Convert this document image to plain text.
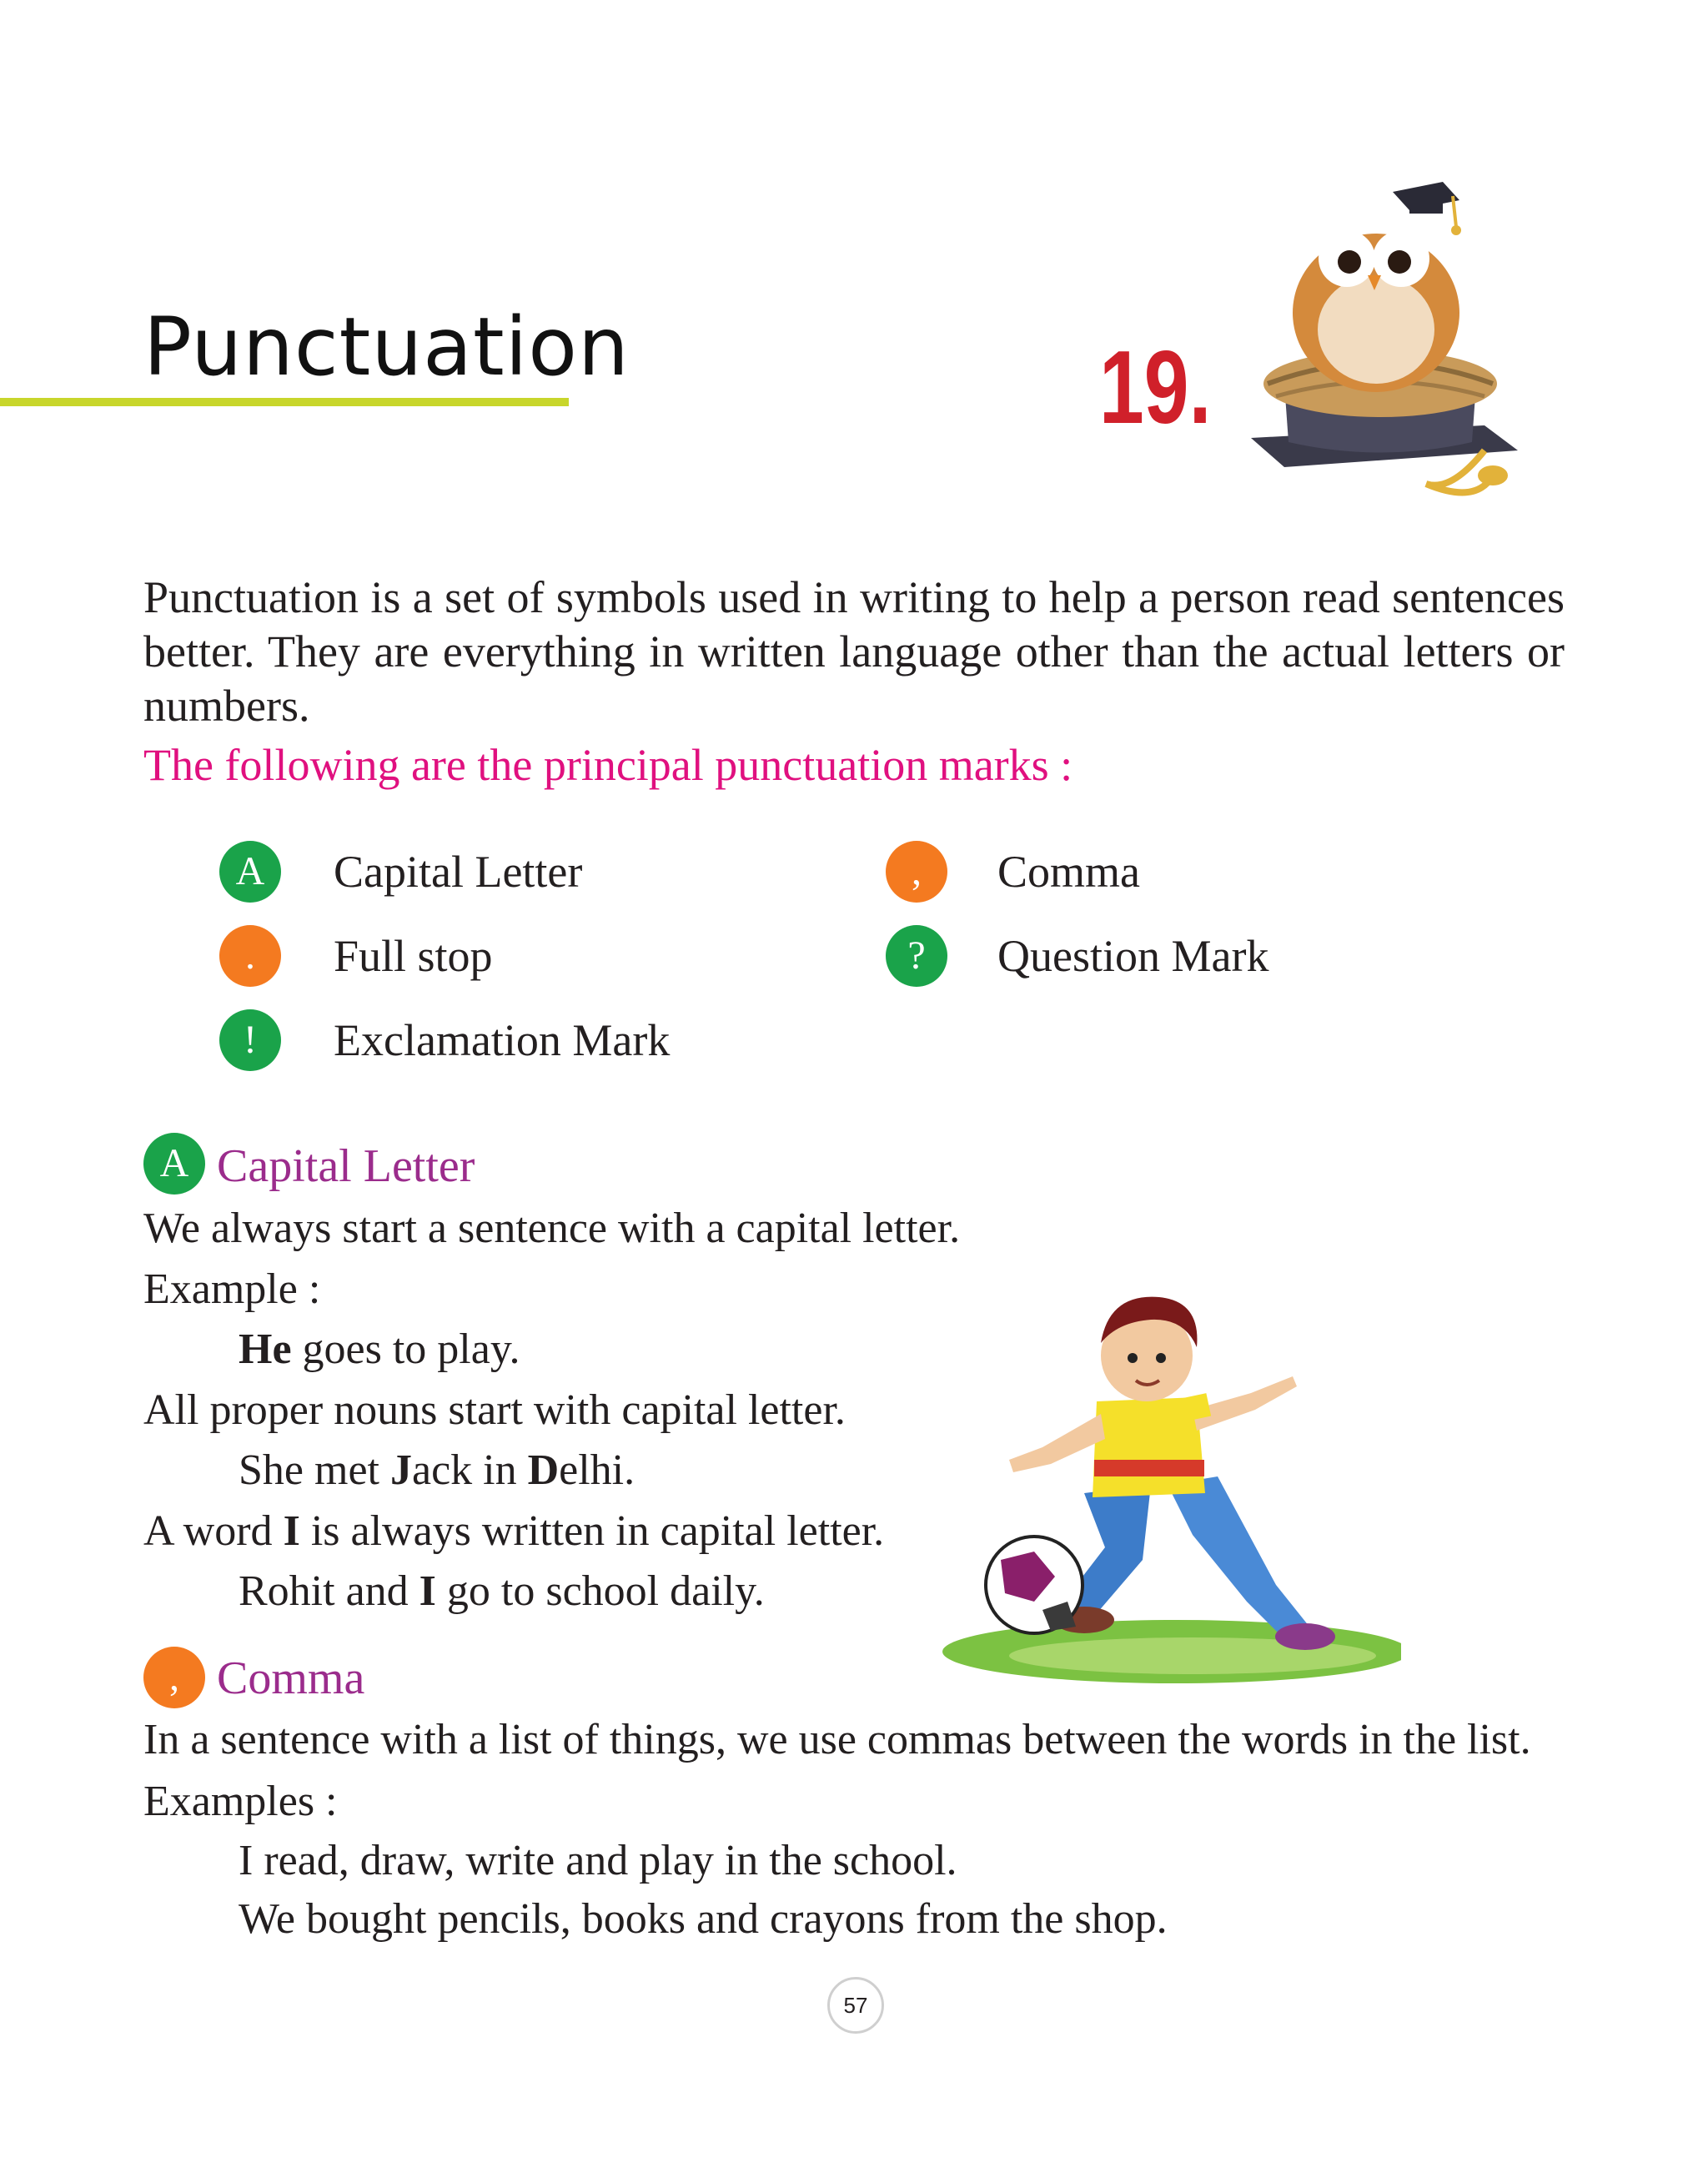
Punctuation	19.
Punctuation is a set of symbols used in writing to help a person read sentences better. They are everything in written language other than the actual letters or numbers.
The following are the principal punctuation marks :
A	Capital Letter	,	Comma
.	Full stop	?	Question Mark
!	Exclamation Mark
A Capital Letter
We always start a sentence with a capital letter.
Example :
He goes to play.
All proper nouns start with capital letter.
She met Jack in Delhi.
A word I is always written in capital letter.
Rohit and I go to school daily.
, Comma
In a sentence with a list of things, we use commas between the words in the list.
Examples :
I read, draw, write and play in the school.
We bought pencils, books and crayons from the shop.
57
